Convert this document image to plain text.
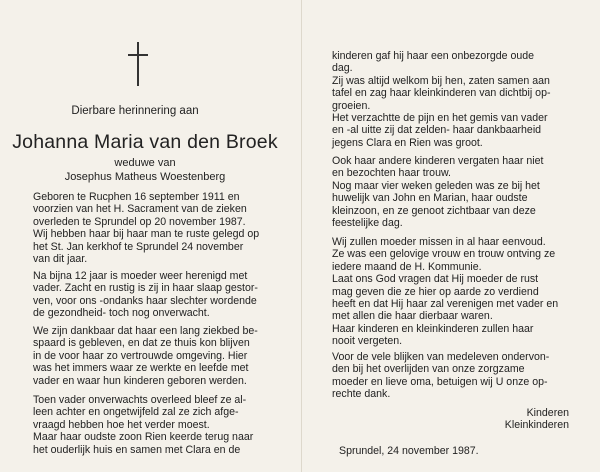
Dierbare herinnering aan
Johanna Maria van den Broek
weduwe van
Josephus Matheus Woestenberg

Geboren te Rucphen 16 september 1911 en
voorzien van het H. Sacrament van de zieken
overleden te Sprundel op 20 november 1987.
Wij hebben haar bij haar man te ruste gelegd op
het St. Jan kerkhof te Sprundel 24 november
van dit jaar.

Na bijna 12 jaar is moeder weer herenigd met
vader. Zacht en rustig is zij in haar slaap gestor-
ven, voor ons -ondanks haar slechter wordende
de gezondheid- toch nog onverwacht.

We zijn dankbaar dat haar een lang ziekbed be-
spaard is gebleven, en dat ze thuis kon blijven
in de voor haar zo vertrouwde omgeving. Hier
was het immers waar ze werkte en leefde met
vader en waar hun kinderen geboren werden.

Toen vader onverwachts overleed bleef ze al-
leen achter en ongetwijfeld zal ze zich afge-
vraagd hebben hoe het verder moest.
Maar haar oudste zoon Rien keerde terug naar
het ouderlijk huis en samen met Clara en de

kinderen gaf hij haar een onbezorgde oude
dag.
Zij was altijd welkom bij hen, zaten samen aan
tafel en zag haar kleinkinderen van dichtbij op-
groeien.
Het verzachtte de pijn en het gemis van vader
en -al uitte zij dat zelden- haar dankbaarheid
jegens Clara en Rien was groot.

Ook haar andere kinderen vergaten haar niet
en bezochten haar trouw.
Nog maar vier weken geleden was ze bij het
huwelijk van John en Marian, haar oudste
kleinzoon, en ze genoot zichtbaar van deze
feestelijke dag.

Wij zullen moeder missen in al haar eenvoud.
Ze was een gelovige vrouw en trouw ontving ze
iedere maand de H. Kommunie.
Laat ons God vragen dat Hij moeder de rust
mag geven die ze hier op aarde zo verdiend
heeft en dat Hij haar zal verenigen met vader en
met allen die haar dierbaar waren.
Haar kinderen en kleinkinderen zullen haar
nooit vergeten.

Voor de vele blijken van medeleven ondervon-
den bij het overlijden van onze zorgzame
moeder en lieve oma, betuigen wij U onze op-
rechte dank.

Kinderen
Kleinkinderen

Sprundel, 24 november 1987.
